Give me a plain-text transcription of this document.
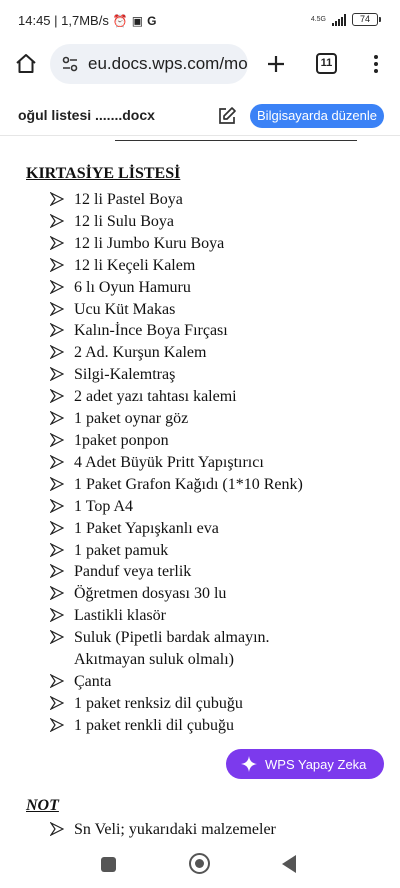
14:45 | 1,7MB/s ⏰ ▣ G	4.5G	74
eu.docs.wps.com/mo	11
oğul listesi .......docx	Bilgisayarda düzenle
KIRTASİYE LİSTESİ
12 li Pastel Boya
12 li Sulu Boya
12 li Jumbo Kuru Boya
12 li Keçeli Kalem
6 lı Oyun Hamuru
Ucu Küt Makas
Kalın-İnce Boya Fırçası
2 Ad. Kurşun Kalem
Silgi-Kalemtraş
2 adet yazı tahtası kalemi
1 paket oynar göz
1paket ponpon
4 Adet Büyük Pritt Yapıştırıcı
1 Paket Grafon Kağıdı (1*10 Renk)
1 Top A4
1 Paket Yapışkanlı eva
1 paket pamuk
Panduf veya terlik
Öğretmen dosyası 30 lu
Lastikli klasör
Suluk (Pipetli bardak almayın.
Akıtmayan suluk olmalı)
Çanta
1 paket renksiz dil çubuğu
1 paket renkli dil çubuğu
NOT
Sn Veli; yukarıdaki malzemeler
WPS Yapay Zeka
